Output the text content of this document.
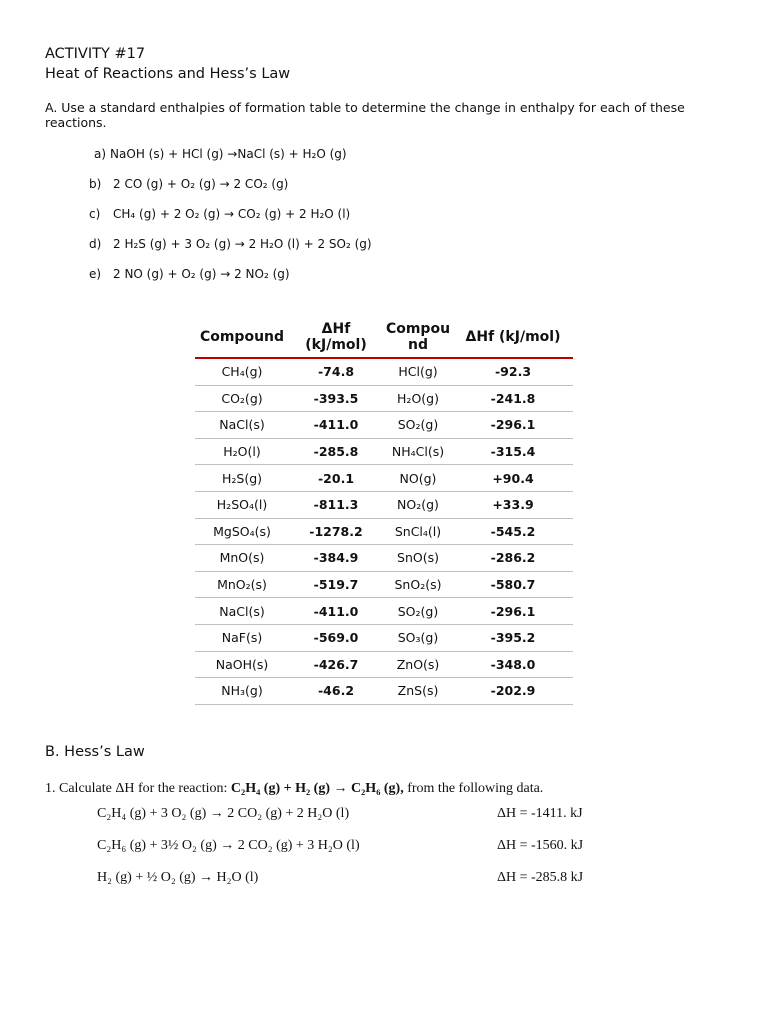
ACTIVITY #17
Heat of Reactions and Hess’s Law
A. Use a standard enthalpies of formation table to determine the change in enthalpy for each of these reactions.
a) NaOH (s) + HCl (g) →NaCl (s) + H₂O (g)
b) 2 CO (g) + O₂ (g) → 2 CO₂ (g)
c) CH₄ (g) + 2 O₂ (g) → CO₂ (g) + 2 H₂O (l)
d) 2 H₂S (g) + 3 O₂ (g) → 2 H₂O (l) + 2 SO₂ (g)
e) 2 NO (g) + O₂ (g) → 2 NO₂ (g)
Compound	ΔHf (kJ/mol)	Compou nd	ΔHf (kJ/mol)
CH₄(g)	-74.8	HCl(g)	-92.3
CO₂(g)	-393.5	H₂O(g)	-241.8
NaCl(s)	-411.0	SO₂(g)	-296.1
H₂O(l)	-285.8	NH₄Cl(s)	-315.4
H₂S(g)	-20.1	NO(g)	+90.4
H₂SO₄(l)	-811.3	NO₂(g)	+33.9
MgSO₄(s)	-1278.2	SnCl₄(l)	-545.2
MnO(s)	-384.9	SnO(s)	-286.2
MnO₂(s)	-519.7	SnO₂(s)	-580.7
NaCl(s)	-411.0	SO₂(g)	-296.1
NaF(s)	-569.0	SO₃(g)	-395.2
NaOH(s)	-426.7	ZnO(s)	-348.0
NH₃(g)	-46.2	ZnS(s)	-202.9
B. Hess’s Law
1. Calculate ΔH for the reaction: C₂H₄ (g) + H₂ (g) → C₂H₆ (g), from the following data.
C₂H₄ (g) + 3 O₂ (g) → 2 CO₂ (g) + 2 H₂O (l)	ΔH = -1411. kJ
C₂H₆ (g) + 3½ O₂ (g) → 2 CO₂ (g) + 3 H₂O (l)	ΔH = -1560. kJ
H₂ (g) + ½ O₂ (g) → H₂O (l)	ΔH = -285.8 kJ
